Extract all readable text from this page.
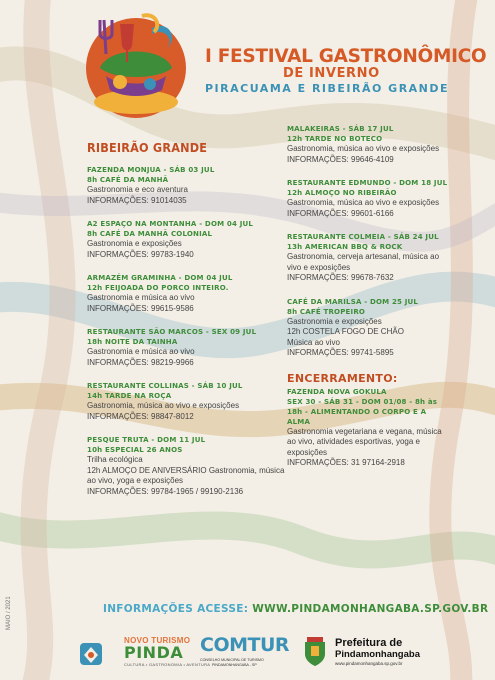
I FESTIVAL GASTRONÔMICO
DE INVERNO
PIRACUAMA E RIBEIRÃO GRANDE
RIBEIRÃO GRANDE
FAZENDA MONJUA - SÁB 03 JUL
8h CAFÉ DA MANHÃ
Gastronomia e eco aventura
INFORMAÇÕES: 91014035
A2 ESPAÇO NA MONTANHA - DOM 04 JUL
8h CAFÉ DA MANHÃ COLONIAL
Gastronomia e exposições
INFORMAÇÕES: 99783-1940
ARMAZÉM GRAMINHA - DOM 04 JUL
12h FEIJOADA DO PORCO INTEIRO.
Gastronomia e música ao vivo
INFORMAÇÕES: 99615-9586
RESTAURANTE SÃO MARCOS - SEX 09 JUL
18h NOITE DA TAINHA
Gastronomia e música ao vivo
INFORMAÇÕES: 98219-9966
RESTAURANTE COLLINAS - SÁB 10 JUL
14h TARDE NA ROÇA
Gastronomia, música ao vivo e exposições
INFORMAÇÕES: 98847-8012
PESQUE TRUTA - DOM 11 JUL
10h ESPECIAL 26 ANOS
Trilha ecológica
12h ALMOÇO DE ANIVERSÁRIO Gastronomia, música ao vivo, yoga e exposições
INFORMAÇÕES: 99784-1965 / 99190-2136
MALAKEIRAS - SÁB 17 JUL
12h TARDE NO BOTECO
Gastronomia, música ao vivo e exposições
INFORMAÇÕES: 99646-4109
RESTAURANTE EDMUNDO - DOM 18 JUL
12h ALMOÇO NO RIBEIRÃO
Gastronomia, música ao vivo e exposições
INFORMAÇÕES: 99601-6166
RESTAURANTE COLMEIA - SÁB 24 JUL
13h AMERICAN BBQ & ROCK
Gastronomia, cerveja artesanal, música ao vivo e exposições
INFORMAÇÕES: 99678-7632
CAFÉ DA MARILSA - DOM 25 JUL
8h CAFÉ TROPEIRO
Gastronomia e exposições
12h COSTELA FOGO DE CHÃO
Música ao vivo
INFORMAÇÕES: 99741-5895
ENCERRAMENTO:
FAZENDA NOVA GOKULA
SEX 30 - SÁB 31 - DOM 01/08 - 8h às 18h - ALIMENTANDO O CORPO E A ALMA
Gastronomia vegetariana e vegana, música ao vivo, atividades esportivas, yoga e exposições
INFORMAÇÕES: 31 97164-2918
INFORMAÇÕES ACESSE: WWW.PINDAMONHANGABA.SP.GOV.BR
MAIO / 2021
NOVO TURISMO
PINDA
CULTURA • GASTRONOMIA • AVENTURA
COMTUR
CONSELHO MUNICIPAL DE TURISMO
PINDAMONHANGABA - SP
Prefeitura de
Pindamonhangaba
www.pindamonhangaba.sp.gov.br
